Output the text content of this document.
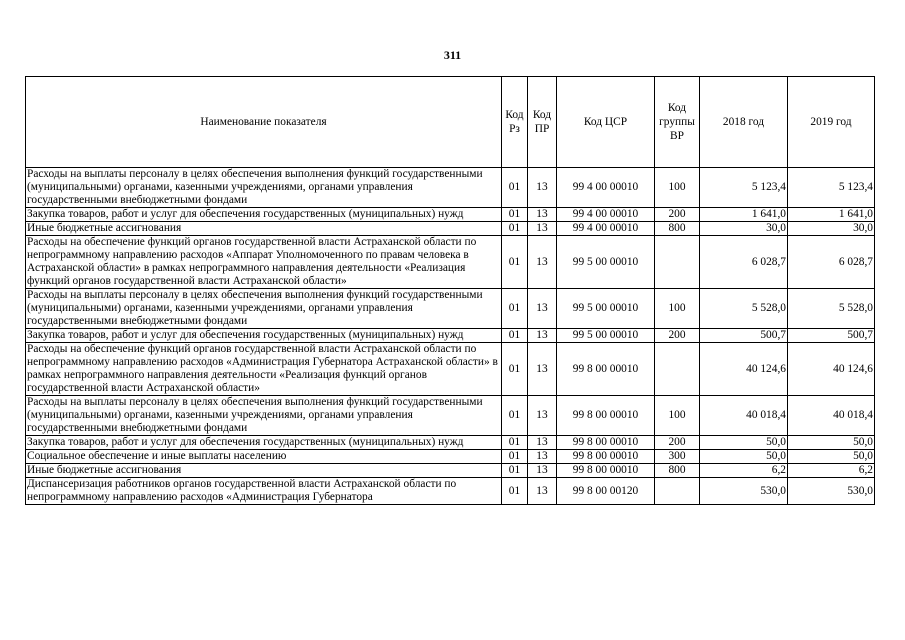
311
Наименование показателя	Код Рз	Код ПР	Код ЦСР	Код группы ВР	2018 год	2019 год
Расходы на выплаты персоналу в целях обеспечения выполнения функций государственными (муниципальными) органами, казенными учреждениями, органами управления государственными внебюджетными фондами	01	13	99 4 00 00010	100	5 123,4	5 123,4
Закупка товаров, работ и услуг для обеспечения государственных (муниципальных) нужд	01	13	99 4 00 00010	200	1 641,0	1 641,0
Иные бюджетные ассигнования	01	13	99 4 00 00010	800	30,0	30,0
Расходы на обеспечение функций органов государственной власти Астраханской области по непрограммному направлению расходов «Аппарат Уполномоченного по правам человека в Астраханской области» в рамках непрограммного направления деятельности «Реализация функций органов государственной власти Астраханской области»	01	13	99 5 00 00010		6 028,7	6 028,7
Расходы на выплаты персоналу в целях обеспечения выполнения функций государственными (муниципальными) органами, казенными учреждениями, органами управления государственными внебюджетными фондами	01	13	99 5 00 00010	100	5 528,0	5 528,0
Закупка товаров, работ и услуг для обеспечения государственных (муниципальных) нужд	01	13	99 5 00 00010	200	500,7	500,7
Расходы на обеспечение функций органов государственной власти Астраханской области по непрограммному направлению расходов «Администрация Губернатора Астраханской области» в рамках непрограммного направления деятельности «Реализация функций органов государственной власти Астраханской области»	01	13	99 8 00 00010		40 124,6	40 124,6
Расходы на выплаты персоналу в целях обеспечения выполнения функций государственными (муниципальными) органами, казенными учреждениями, органами управления государственными внебюджетными фондами	01	13	99 8 00 00010	100	40 018,4	40 018,4
Закупка товаров, работ и услуг для обеспечения государственных (муниципальных) нужд	01	13	99 8 00 00010	200	50,0	50,0
Социальное обеспечение и иные выплаты населению	01	13	99 8 00 00010	300	50,0	50,0
Иные бюджетные ассигнования	01	13	99 8 00 00010	800	6,2	6,2
Диспансеризация работников органов государственной власти Астраханской области по непрограммному направлению расходов «Администрация Губернатора	01	13	99 8 00 00120		530,0	530,0
